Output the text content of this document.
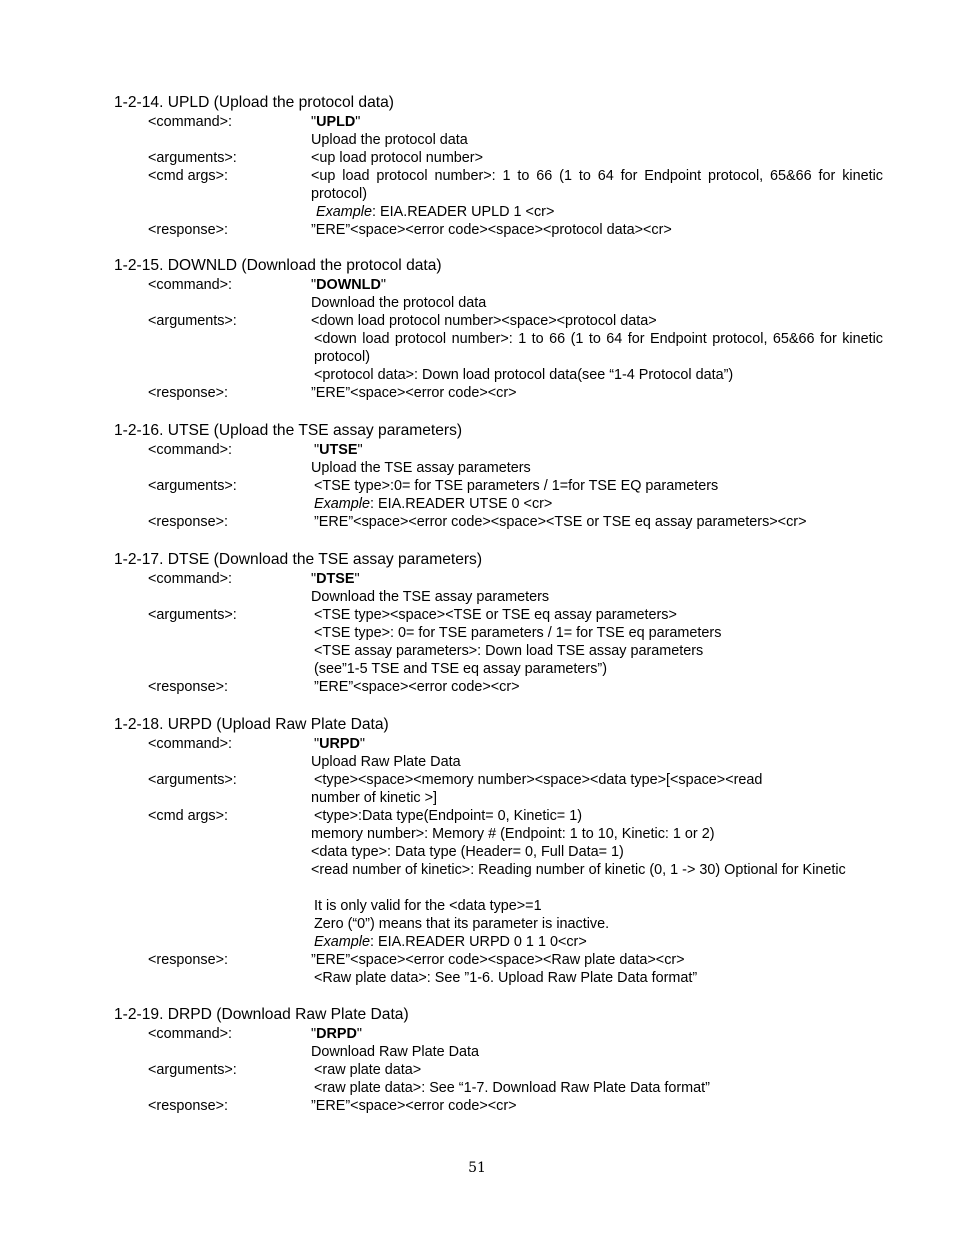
1-2-14. UPLD (Upload the protocol data)
<command>:	"UPLD"
Upload the protocol data
<arguments>:	<up load protocol number>
<cmd args>:	<up load protocol number>: 1 to 66 (1 to 64 for Endpoint protocol, 65&66 for kinetic protocol)
Example: EIA.READER UPLD 1 <cr>
<response>:	”ERE”<space><error code><space><protocol data><cr>
1-2-15. DOWNLD (Download the protocol data)
<command>:	"DOWNLD"
Download the protocol data
<arguments>:	<down load protocol number><space><protocol data>
<down load protocol number>: 1 to 66 (1 to 64 for Endpoint protocol, 65&66 for kinetic protocol)
<protocol data>: Down load protocol data(see “1-4 Protocol data”)
<response>:	”ERE”<space><error code><cr>
1-2-16. UTSE (Upload the TSE assay parameters)
<command>:	"UTSE"
Upload the TSE assay parameters
<arguments>:	<TSE type>:0= for TSE parameters / 1=for TSE EQ parameters
Example: EIA.READER UTSE 0 <cr>
<response>:	”ERE”<space><error code><space><TSE or TSE eq assay parameters><cr>
1-2-17. DTSE (Download the TSE assay parameters)
<command>:	"DTSE"
Download the TSE assay parameters
<arguments>:	<TSE type><space><TSE or TSE eq assay parameters>
<TSE type>: 0= for TSE parameters / 1= for TSE eq parameters
<TSE assay parameters>: Down load TSE assay parameters
(see”1-5 TSE and TSE eq assay parameters”)
<response>:	”ERE”<space><error code><cr>
1-2-18. URPD (Upload Raw Plate Data)
<command>:	"URPD"
Upload Raw Plate Data
<arguments>:	<type><space><memory number><space><data type>[<space><read
number of kinetic >]
<cmd args>:	<type>:Data type(Endpoint= 0, Kinetic= 1)
memory number>: Memory # (Endpoint: 1 to 10, Kinetic: 1 or 2)
<data type>: Data type (Header= 0, Full Data= 1)
<read number of kinetic>: Reading number of kinetic (0, 1 -> 30) Optional for Kinetic
It is only valid for the <data type>=1
Zero (“0”) means that its parameter is inactive.
Example: EIA.READER URPD 0 1 1 0<cr>
<response>:	”ERE”<space><error code><space><Raw plate data><cr>
<Raw plate data>: See ”1-6. Upload Raw Plate Data format”
1-2-19. DRPD (Download Raw Plate Data)
<command>:	"DRPD"
Download Raw Plate Data
<arguments>:	<raw plate data>
<raw plate data>: See “1-7. Download Raw Plate Data format”
<response>:	”ERE”<space><error code><cr>
51
